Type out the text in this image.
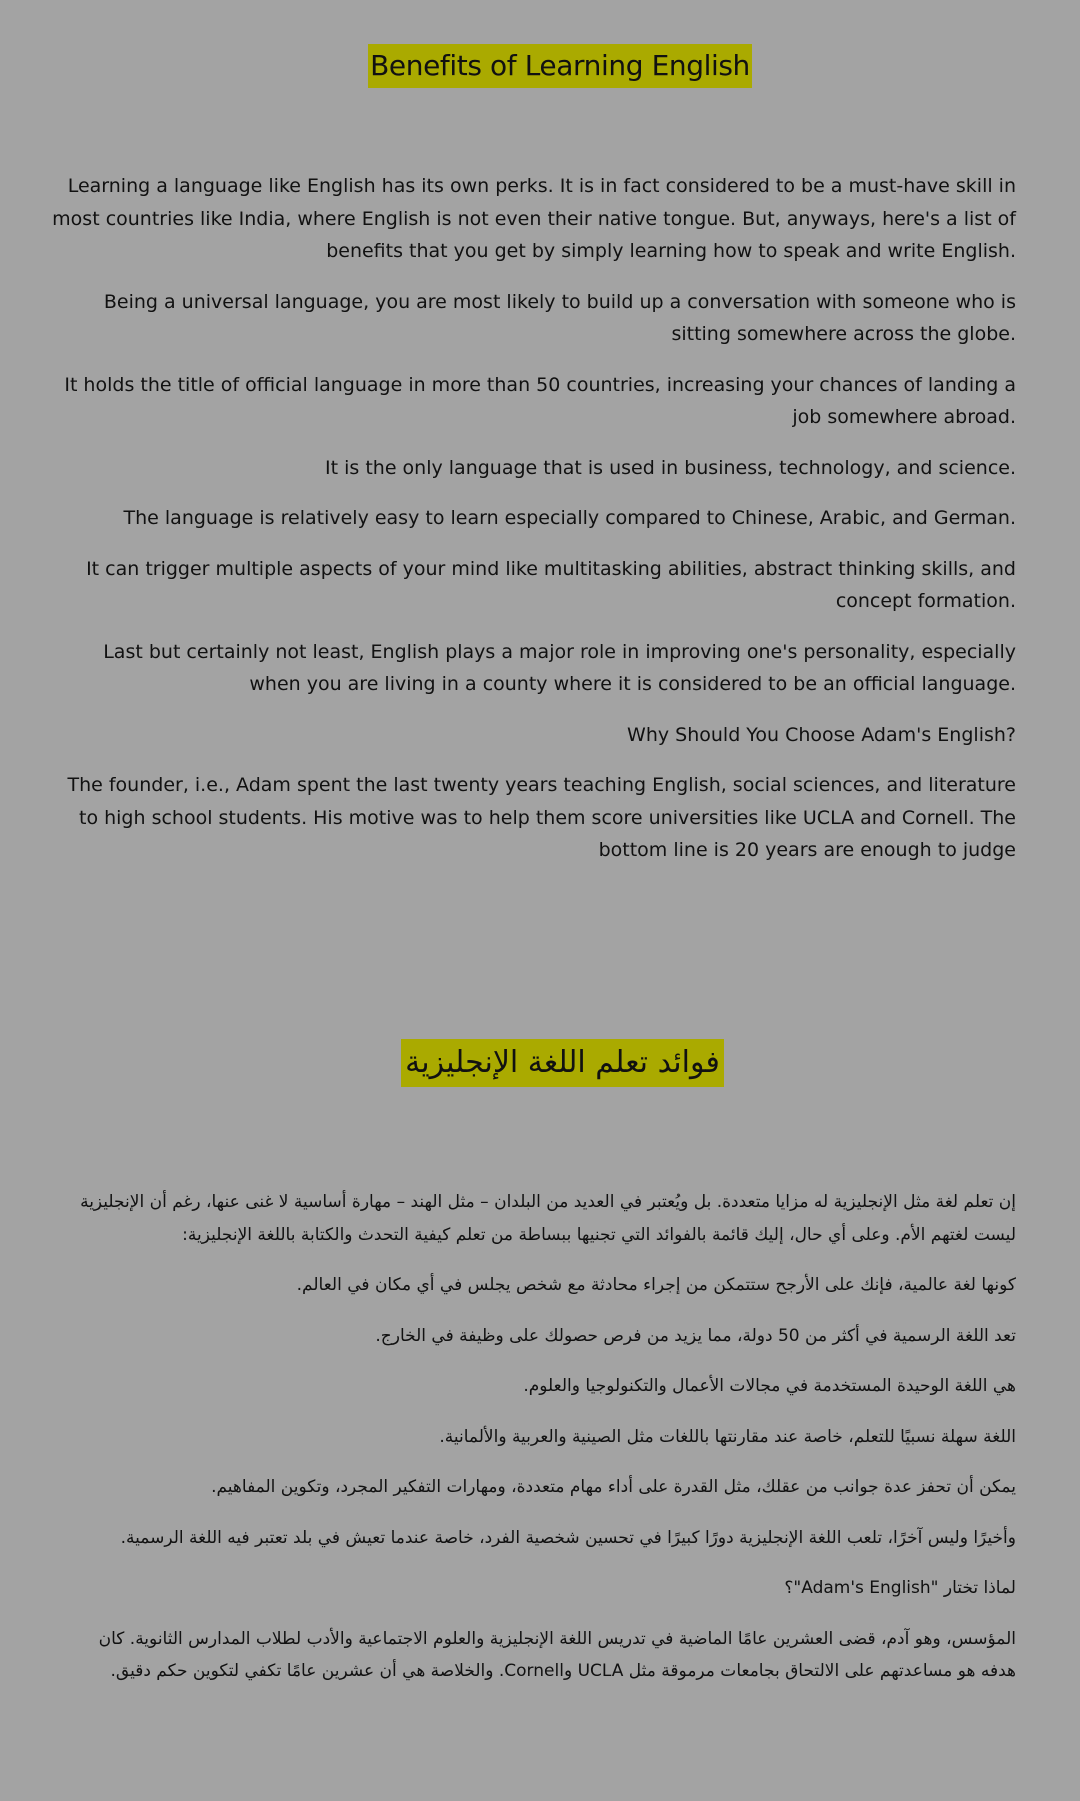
Benefits of Learning English

Learning a language like English has its own perks. It is in fact considered to be a must-have skill in most countries like India, where English is not even their native tongue. But, anyways, here's a list of benefits that you get by simply learning how to speak and write English.

Being a universal language, you are most likely to build up a conversation with someone who is sitting somewhere across the globe.

It holds the title of official language in more than 50 countries, increasing your chances of landing a job somewhere abroad.

It is the only language that is used in business, technology, and science.

The language is relatively easy to learn especially compared to Chinese, Arabic, and German.

It can trigger multiple aspects of your mind like multitasking abilities, abstract thinking skills, and concept formation.

Last but certainly not least, English plays a major role in improving one's personality, especially when you are living in a county where it is considered to be an official language.

Why Should You Choose Adam's English?

The founder, i.e., Adam spent the last twenty years teaching English, social sciences, and literature to high school students. His motive was to help them score universities like UCLA and Cornell. The bottom line is 20 years are enough to judge

فوائد تعلم اللغة الإنجليزية

إن تعلم لغة مثل الإنجليزية له مزايا متعددة. بل ويُعتبر في العديد من البلدان – مثل الهند – مهارة أساسية لا غنى عنها، رغم أن الإنجليزية ليست لغتهم الأم. وعلى أي حال، إليك قائمة بالفوائد التي تجنيها ببساطة من تعلم كيفية التحدث والكتابة باللغة الإنجليزية:

كونها لغة عالمية، فإنك على الأرجح ستتمكن من إجراء محادثة مع شخص يجلس في أي مكان في العالم.

تعد اللغة الرسمية في أكثر من 50 دولة، مما يزيد من فرص حصولك على وظيفة في الخارج.

هي اللغة الوحيدة المستخدمة في مجالات الأعمال والتكنولوجيا والعلوم.

اللغة سهلة نسبيًا للتعلم، خاصة عند مقارنتها باللغات مثل الصينية والعربية والألمانية.

يمكن أن تحفز عدة جوانب من عقلك، مثل القدرة على أداء مهام متعددة، ومهارات التفكير المجرد، وتكوين المفاهيم.

وأخيرًا وليس آخرًا، تلعب اللغة الإنجليزية دورًا كبيرًا في تحسين شخصية الفرد، خاصة عندما تعيش في بلد تعتبر فيه اللغة الرسمية.

لماذا تختار "Adam's English"؟

المؤسس، وهو آدم، قضى العشرين عامًا الماضية في تدريس اللغة الإنجليزية والعلوم الاجتماعية والأدب لطلاب المدارس الثانوية. كان هدفه هو مساعدتهم على الالتحاق بجامعات مرموقة مثل UCLA وCornell. والخلاصة هي أن عشرين عامًا تكفي لتكوين حكم دقيق.
